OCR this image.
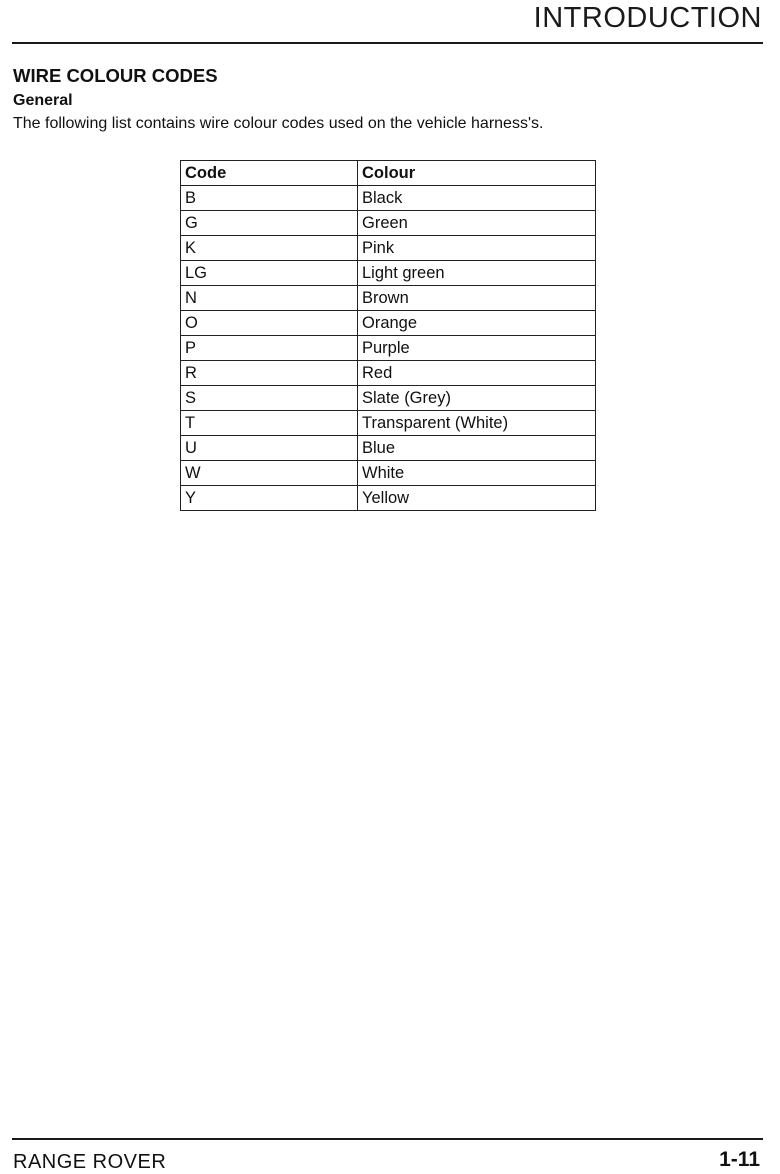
INTRODUCTION
WIRE COLOUR CODES
General
The following list contains wire colour codes used on the vehicle harness's.
Code	Colour
B	Black
G	Green
K	Pink
LG	Light green
N	Brown
O	Orange
P	Purple
R	Red
S	Slate (Grey)
T	Transparent (White)
U	Blue
W	White
Y	Yellow
RANGE ROVER	1-11
